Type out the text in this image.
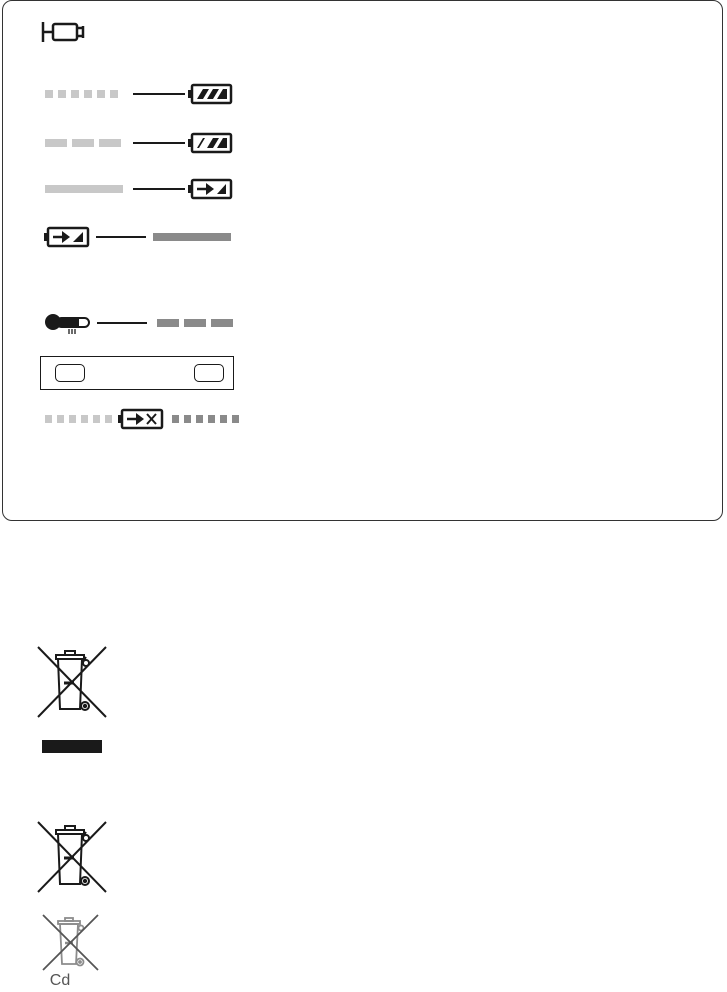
Cd
